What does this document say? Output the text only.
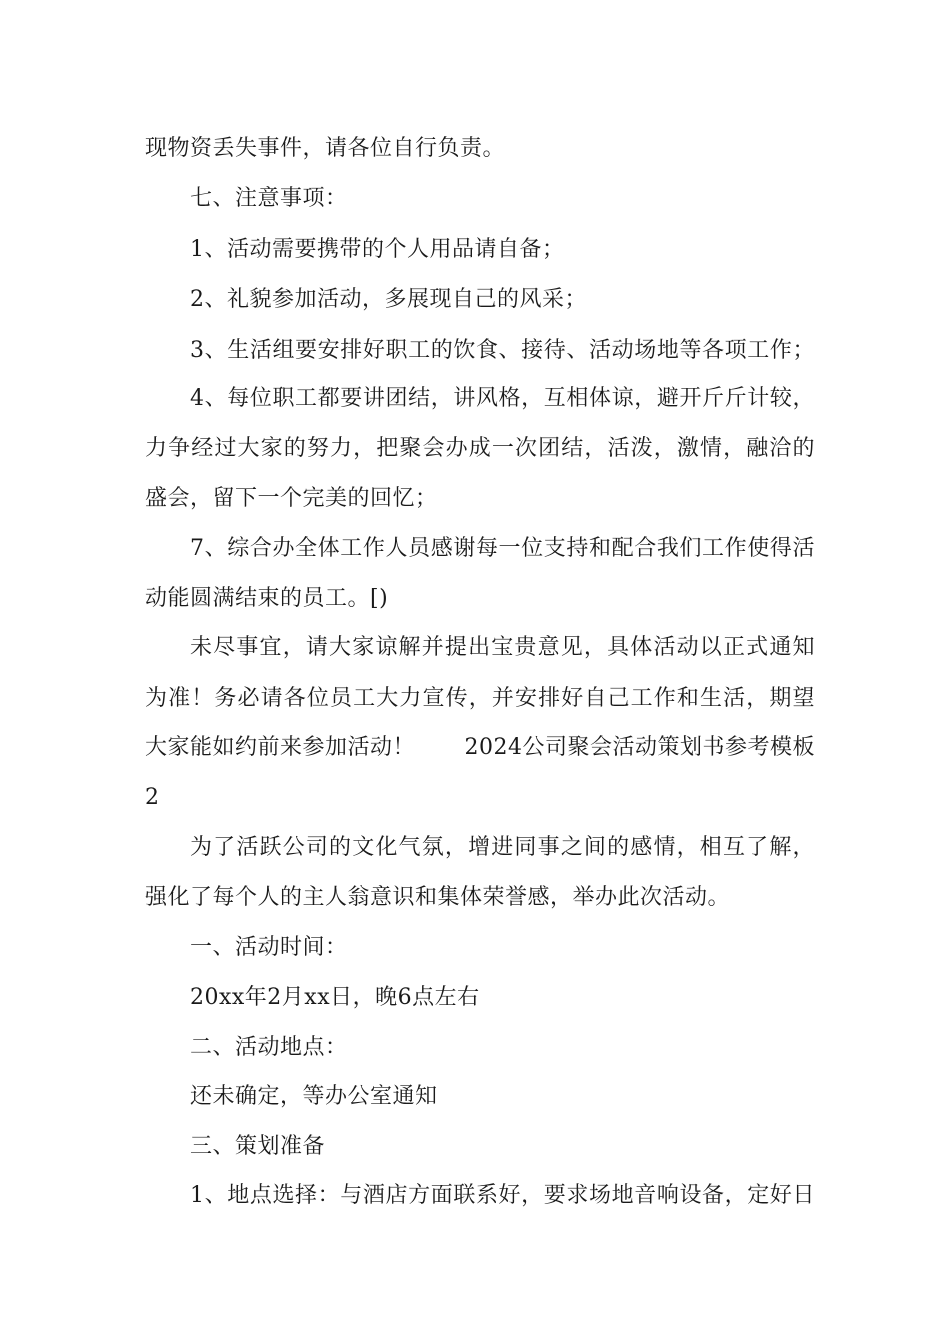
现物资丢失事件，请各位自行负责。
七、注意事项：
1、活动需要携带的个人用品请自备；
2、礼貌参加活动，多展现自己的风采；
3、生活组要安排好职工的饮食、接待、活动场地等各项工作；
4、每位职工都要讲团结，讲风格，互相体谅，避开斤斤计较，
力争经过大家的努力，把聚会办成一次团结，活泼，激情，融洽的
盛会，留下一个完美的回忆；
7、综合办全体工作人员感谢每一位支持和配合我们工作使得活
动能圆满结束的员工。[)
未尽事宜，请大家谅解并提出宝贵意见，具体活动以正式通知
为准！务必请各位员工大力宣传，并安排好自己工作和生活，期望
大家能如约前来参加活动！ 2024公司聚会活动策划书参考模板
2
为了活跃公司的文化气氛，增进同事之间的感情，相互了解，
强化了每个人的主人翁意识和集体荣誉感，举办此次活动。
一、活动时间：
20xx年2月xx日，晚6点左右
二、活动地点：
还未确定，等办公室通知
三、策划准备
1、地点选择：与酒店方面联系好，要求场地音响设备，定好日
